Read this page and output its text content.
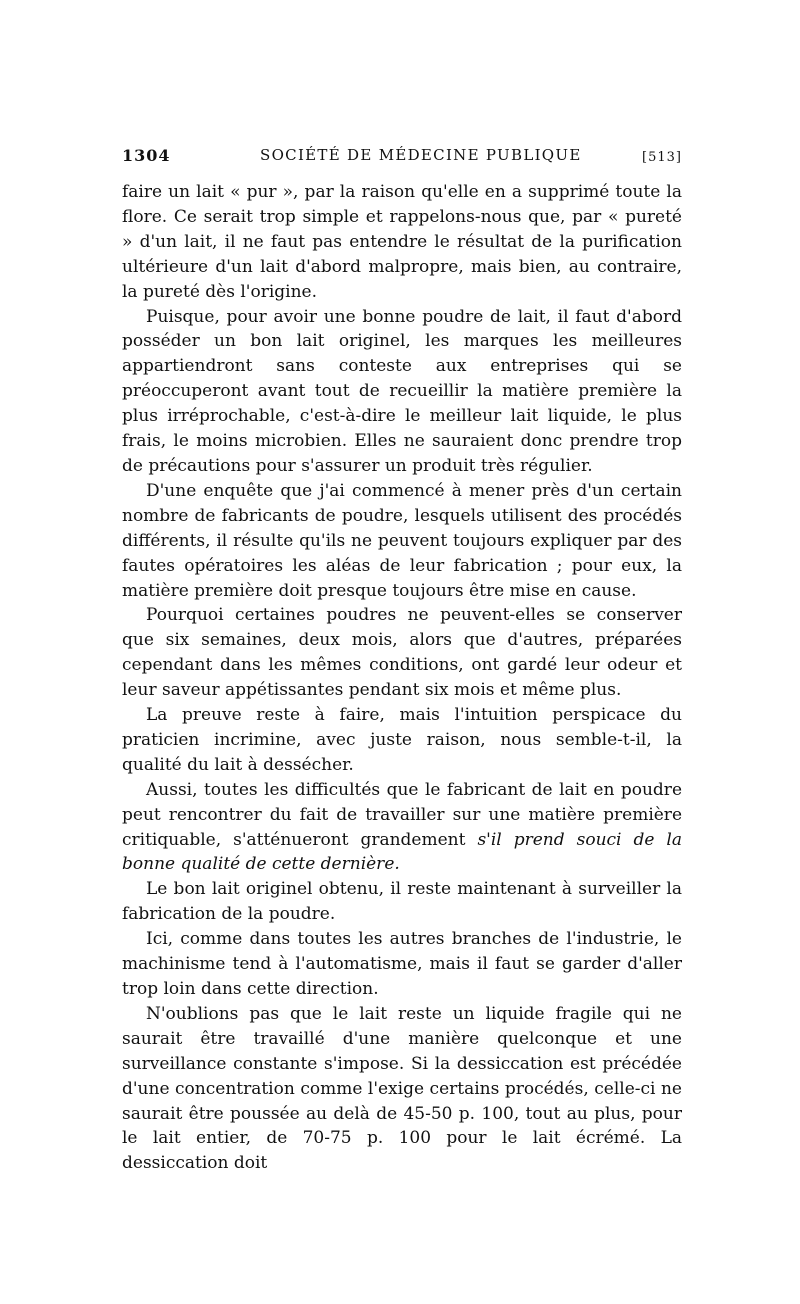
1304	SOCIÉTÉ DE MÉDECINE PUBLIQUE	[513]

faire un lait « pur », par la raison qu'elle en a supprimé toute la flore. Ce serait trop simple et rappelons-nous que, par « pureté » d'un lait, il ne faut pas entendre le résultat de la purification ultérieure d'un lait d'abord malpropre, mais bien, au contraire, la pureté dès l'origine.

Puisque, pour avoir une bonne poudre de lait, il faut d'abord posséder un bon lait originel, les marques les meilleures appartiendront sans conteste aux entreprises qui se préoccuperont avant tout de recueillir la matière première la plus irréprochable, c'est-à-dire le meilleur lait liquide, le plus frais, le moins microbien. Elles ne sauraient donc prendre trop de précautions pour s'assurer un produit très régulier.

D'une enquête que j'ai commencé à mener près d'un certain nombre de fabricants de poudre, lesquels utilisent des procédés différents, il résulte qu'ils ne peuvent toujours expliquer par des fautes opératoires les aléas de leur fabrication ; pour eux, la matière première doit presque toujours être mise en cause.

Pourquoi certaines poudres ne peuvent-elles se conserver que six semaines, deux mois, alors que d'autres, préparées cependant dans les mêmes conditions, ont gardé leur odeur et leur saveur appétissantes pendant six mois et même plus.

La preuve reste à faire, mais l'intuition perspicace du praticien incrimine, avec juste raison, nous semble-t-il, la qualité du lait à dessécher.

Aussi, toutes les difficultés que le fabricant de lait en poudre peut rencontrer du fait de travailler sur une matière première critiquable, s'atténueront grandement s'il prend souci de la bonne qualité de cette dernière.

Le bon lait originel obtenu, il reste maintenant à surveiller la fabrication de la poudre.

Ici, comme dans toutes les autres branches de l'industrie, le machinisme tend à l'automatisme, mais il faut se garder d'aller trop loin dans cette direction.

N'oublions pas que le lait reste un liquide fragile qui ne saurait être travaillé d'une manière quelconque et une surveillance constante s'impose. Si la dessiccation est précédée d'une concentration comme l'exige certains procédés, celle-ci ne saurait être poussée au delà de 45-50 p. 100, tout au plus, pour le lait entier, de 70-75 p. 100 pour le lait écrémé. La dessiccation doit
